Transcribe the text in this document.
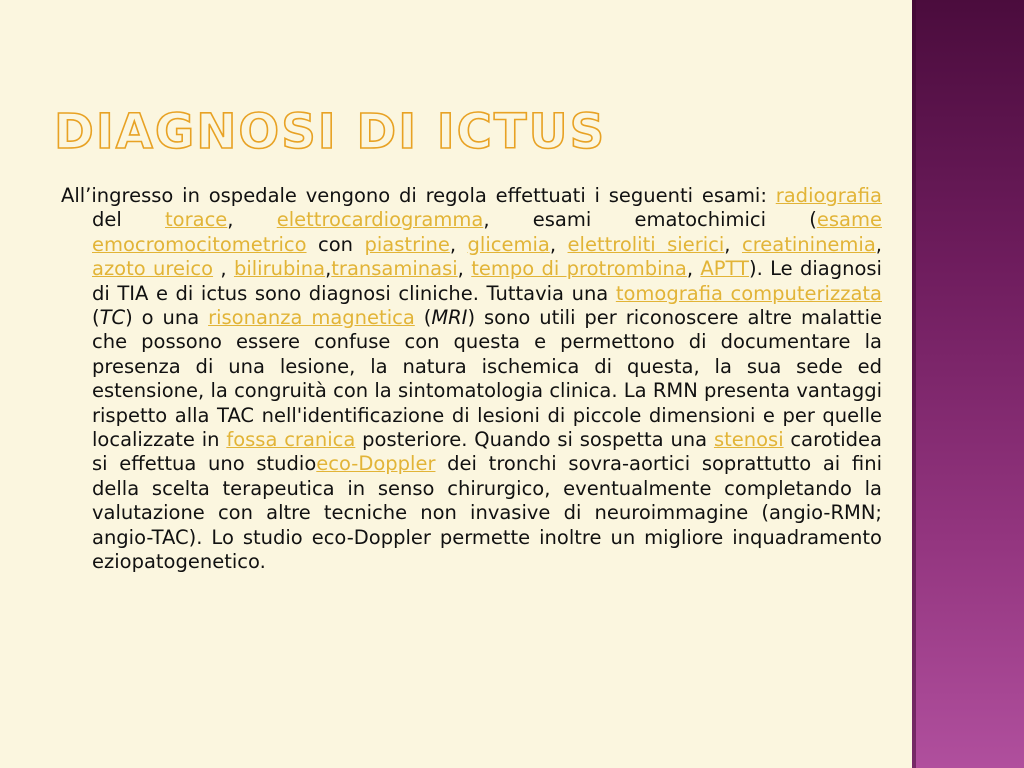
DIAGNOSI DI ICTUS

All’ingresso in ospedale vengono di regola effettuati i seguenti esami: radiografia del torace, elettrocardiogramma, esami ematochimici (esame emocromocitometrico con piastrine, glicemia, elettroliti sierici, creatininemia, azoto ureico , bilirubina,transaminasi, tempo di protrombina, APTT). Le diagnosi di TIA e di ictus sono diagnosi cliniche. Tuttavia una tomografia computerizzata (TC) o una risonanza magnetica (MRI) sono utili per riconoscere altre malattie che possono essere confuse con questa e permettono di documentare la presenza di una lesione, la natura ischemica di questa, la sua sede ed estensione, la congruità con la sintomatologia clinica. La RMN presenta vantaggi rispetto alla TAC nell'identificazione di lesioni di piccole dimensioni e per quelle localizzate in fossa cranica posteriore. Quando si sospetta una stenosi carotidea si effettua uno studioeco-Doppler dei tronchi sovra-aortici soprattutto ai fini della scelta terapeutica in senso chirurgico, eventualmente completando la valutazione con altre tecniche non invasive di neuroimmagine (angio-RMN; angio-TAC). Lo studio eco-Doppler permette inoltre un migliore inquadramento eziopatogenetico.
